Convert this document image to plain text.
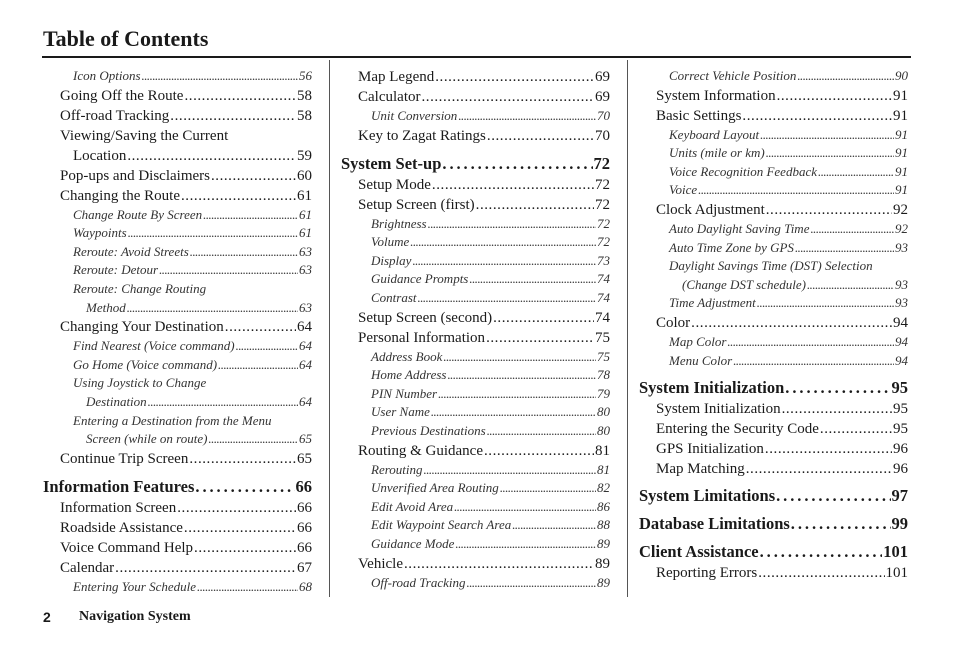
Table of Contents
Icon Options . . .	56
Going Off the Route . . .	58
Off-road Tracking . . .	58
Viewing/Saving the Current
Location . . .	59
Pop-ups and Disclaimers . . .	60
Changing the Route . . .	61
Change Route By Screen . . .	61
Waypoints . . .	61
Reroute: Avoid Streets . . .	63
Reroute: Detour . . .	63
Reroute: Change Routing
Method . . .	63
Changing Your Destination . . .	64
Find Nearest (Voice command) . . .	64
Go Home (Voice command) . . .	64
Using Joystick to Change
Destination . . .	64
Entering a Destination from the Menu
Screen (while on route) . . .	65
Continue Trip Screen . . .	65
Information Features . . .	66
Information Screen . . .	66
Roadside Assistance . . .	66
Voice Command Help . . .	66
Calendar . . .	67
Entering Your Schedule . . .	68
Map Legend . . .	69
Calculator . . .	69
Unit Conversion . . .	70
Key to Zagat Ratings . . .	70
System Set-up . . .	72
Setup Mode . . .	72
Setup Screen (first) . . .	72
Brightness . . .	72
Volume . . .	72
Display . . .	73
Guidance Prompts . . .	74
Contrast . . .	74
Setup Screen (second) . . .	74
Personal Information . . .	75
Address Book . . .	75
Home Address . . .	78
PIN Number . . .	79
User Name . . .	80
Previous Destinations . . .	80
Routing & Guidance . . .	81
Rerouting . . .	81
Unverified Area Routing . . .	82
Edit Avoid Area . . .	86
Edit Waypoint Search Area . . .	88
Guidance Mode . . .	89
Vehicle . . .	89
Off-road Tracking . . .	89
Correct Vehicle Position . . .	90
System Information . . .	91
Basic Settings . . .	91
Keyboard Layout . . .	91
Units (mile or km) . . .	91
Voice Recognition Feedback . . .	91
Voice . . .	91
Clock Adjustment . . .	92
Auto Daylight Saving Time . . .	92
Auto Time Zone by GPS . . .	93
Daylight Savings Time (DST) Selection
(Change DST schedule) . . .	93
Time Adjustment . . .	93
Color . . .	94
Map Color . . .	94
Menu Color . . .	94
System Initialization . . .	95
System Initialization . . .	95
Entering the Security Code . . .	95
GPS Initialization . . .	96
Map Matching . . .	96
System Limitations . . .	97
Database Limitations . . .	99
Client Assistance . . .	101
Reporting Errors . . .	101
2 Navigation System
